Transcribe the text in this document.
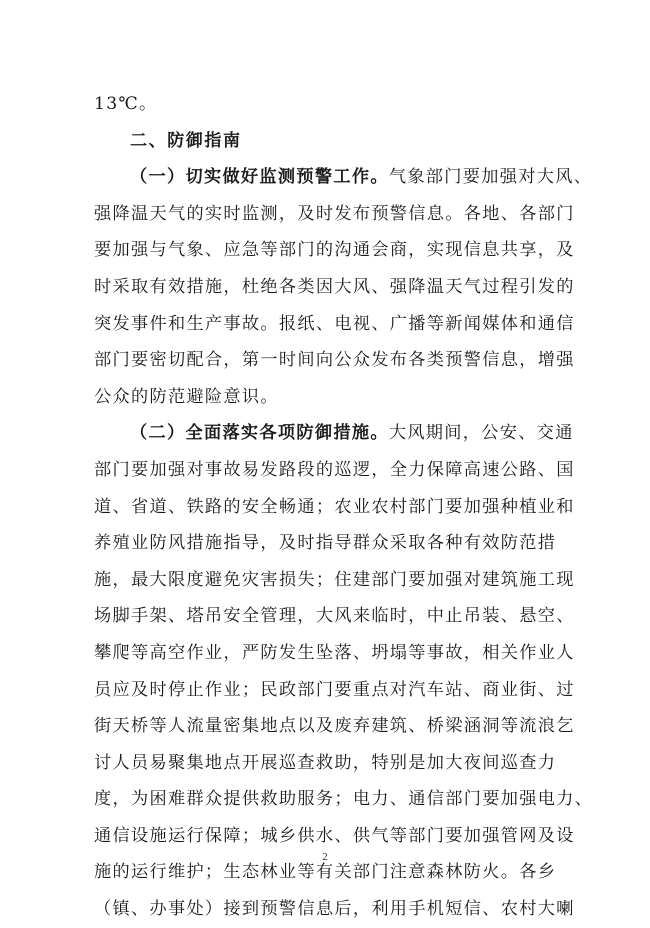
13℃。
二、防御指南
（一）切实做好监测预警工作。气象部门要加强对大风、
强降温天气的实时监测，及时发布预警信息。各地、各部门
要加强与气象、应急等部门的沟通会商，实现信息共享，及
时采取有效措施，杜绝各类因大风、强降温天气过程引发的
突发事件和生产事故。报纸、电视、广播等新闻媒体和通信
部门要密切配合，第一时间向公众发布各类预警信息，增强
公众的防范避险意识。
（二）全面落实各项防御措施。大风期间，公安、交通
部门要加强对事故易发路段的巡逻，全力保障高速公路、国
道、省道、铁路的安全畅通；农业农村部门要加强种植业和
养殖业防风措施指导，及时指导群众采取各种有效防范措
施，最大限度避免灾害损失；住建部门要加强对建筑施工现
场脚手架、塔吊安全管理，大风来临时，中止吊装、悬空、
攀爬等高空作业，严防发生坠落、坍塌等事故，相关作业人
员应及时停止作业；民政部门要重点对汽车站、商业街、过
街天桥等人流量密集地点以及废弃建筑、桥梁涵洞等流浪乞
讨人员易聚集地点开展巡查救助，特别是加大夜间巡查力
度，为困难群众提供救助服务；电力、通信部门要加强电力、
通信设施运行保障；城乡供水、供气等部门要加强管网及设
施的运行维护；生态林业等有关部门注意森林防火。各乡
（镇、办事处）接到预警信息后，利用手机短信、农村大喇
2
